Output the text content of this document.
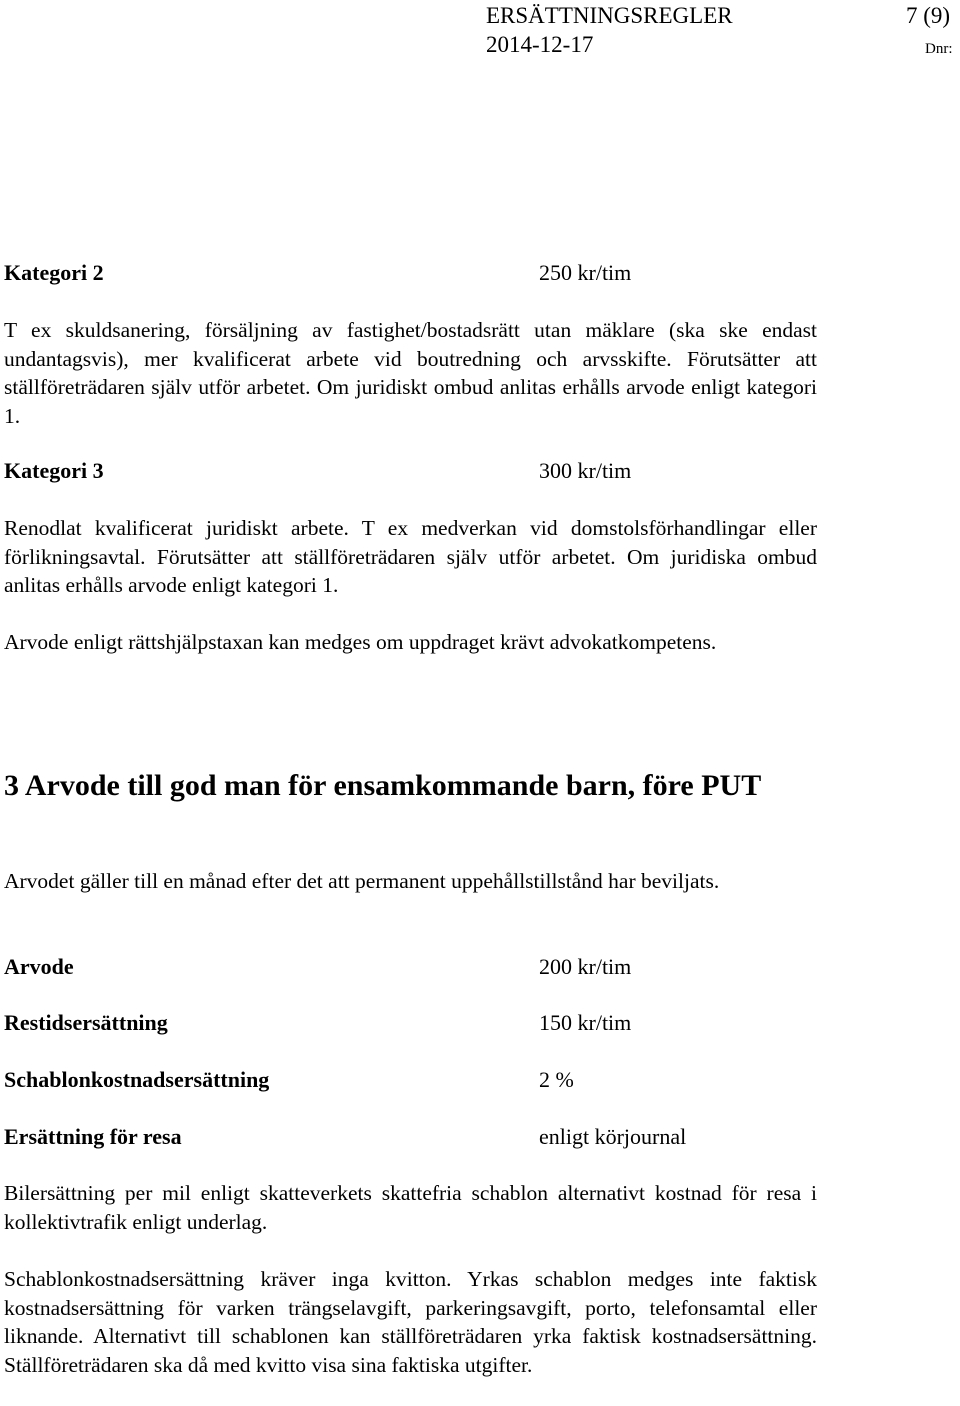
ERSÄTTNINGSREGLER	7 (9)
2014-12-17	Dnr:
Kategori 2	250 kr/tim
T ex skuldsanering, försäljning av fastighet/bostadsrätt utan mäklare (ska ske endast undantagsvis), mer kvalificerat arbete vid boutredning och arvsskifte. Förutsätter att ställföreträdaren själv utför arbetet. Om juridiskt ombud anlitas erhålls arvode enligt kategori 1.
Kategori 3	300 kr/tim
Renodlat kvalificerat juridiskt arbete. T ex medverkan vid domstolsförhandlingar eller förlikningsavtal. Förutsätter att ställföreträdaren själv utför arbetet. Om juridiska ombud anlitas erhålls arvode enligt kategori 1.
Arvode enligt rättshjälpstaxan kan medges om uppdraget krävt advokatkompetens.
3 Arvode till god man för ensamkommande barn, före PUT
Arvodet gäller till en månad efter det att permanent uppehållstillstånd har beviljats.
Arvode	200 kr/tim
Restidsersättning	150 kr/tim
Schablonkostnadsersättning	2 %
Ersättning för resa	enligt körjournal
Bilersättning per mil enligt skatteverkets skattefria schablon alternativt kostnad för resa i kollektivtrafik enligt underlag.
Schablonkostnadsersättning kräver inga kvitton. Yrkas schablon medges inte faktisk kostnadsersättning för varken trängselavgift, parkeringsavgift, porto, telefonsamtal eller liknande. Alternativt till schablonen kan ställföreträdaren yrka faktisk kostnadsersättning. Ställföreträdaren ska då med kvitto visa sina faktiska utgifter.
